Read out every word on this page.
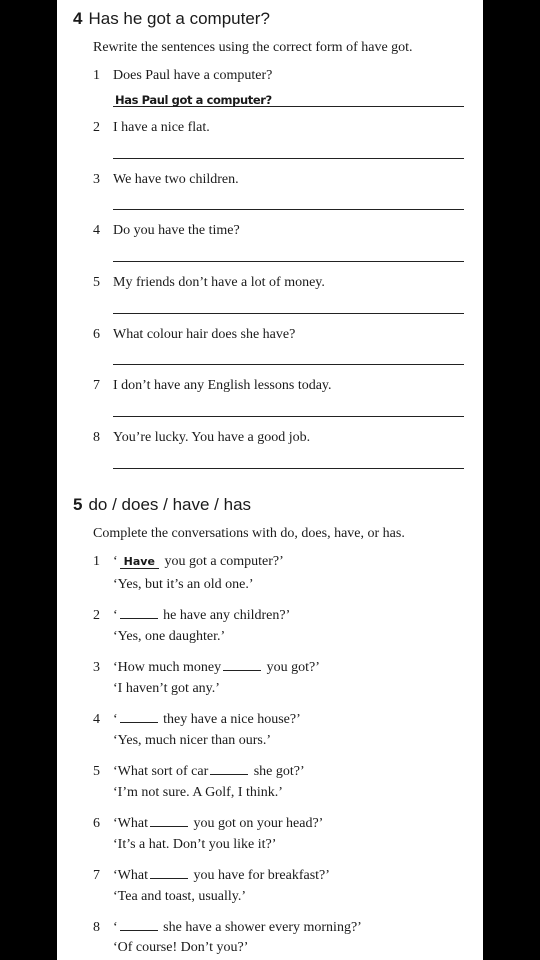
4 Has he got a computer?
Rewrite the sentences using the correct form of have got.
1 Does Paul have a computer?
Has Paul got a computer?
2 I have a nice flat.
3 We have two children.
4 Do you have the time?
5 My friends don’t have a lot of money.
6 What colour hair does she have?
7 I don’t have any English lessons today.
8 You’re lucky. You have a good job.
5 do / does / have / has
Complete the conversations with do, does, have, or has.
1 ‘ Have you got a computer?’
‘Yes, but it’s an old one.’
2 ‘	he have any children?’
‘Yes, one daughter.’
3 ‘How much money	you got?’
‘I haven’t got any.’
4 ‘	they have a nice house?’
‘Yes, much nicer than ours.’
5 ‘What sort of car	she got?’
‘I’m not sure. A Golf, I think.’
6 ‘What	you got on your head?’
‘It’s a hat. Don’t you like it?’
7 ‘What	you have for breakfast?’
‘Tea and toast, usually.’
8 ‘	she have a shower every morning?’
‘Of course! Don’t you?’
